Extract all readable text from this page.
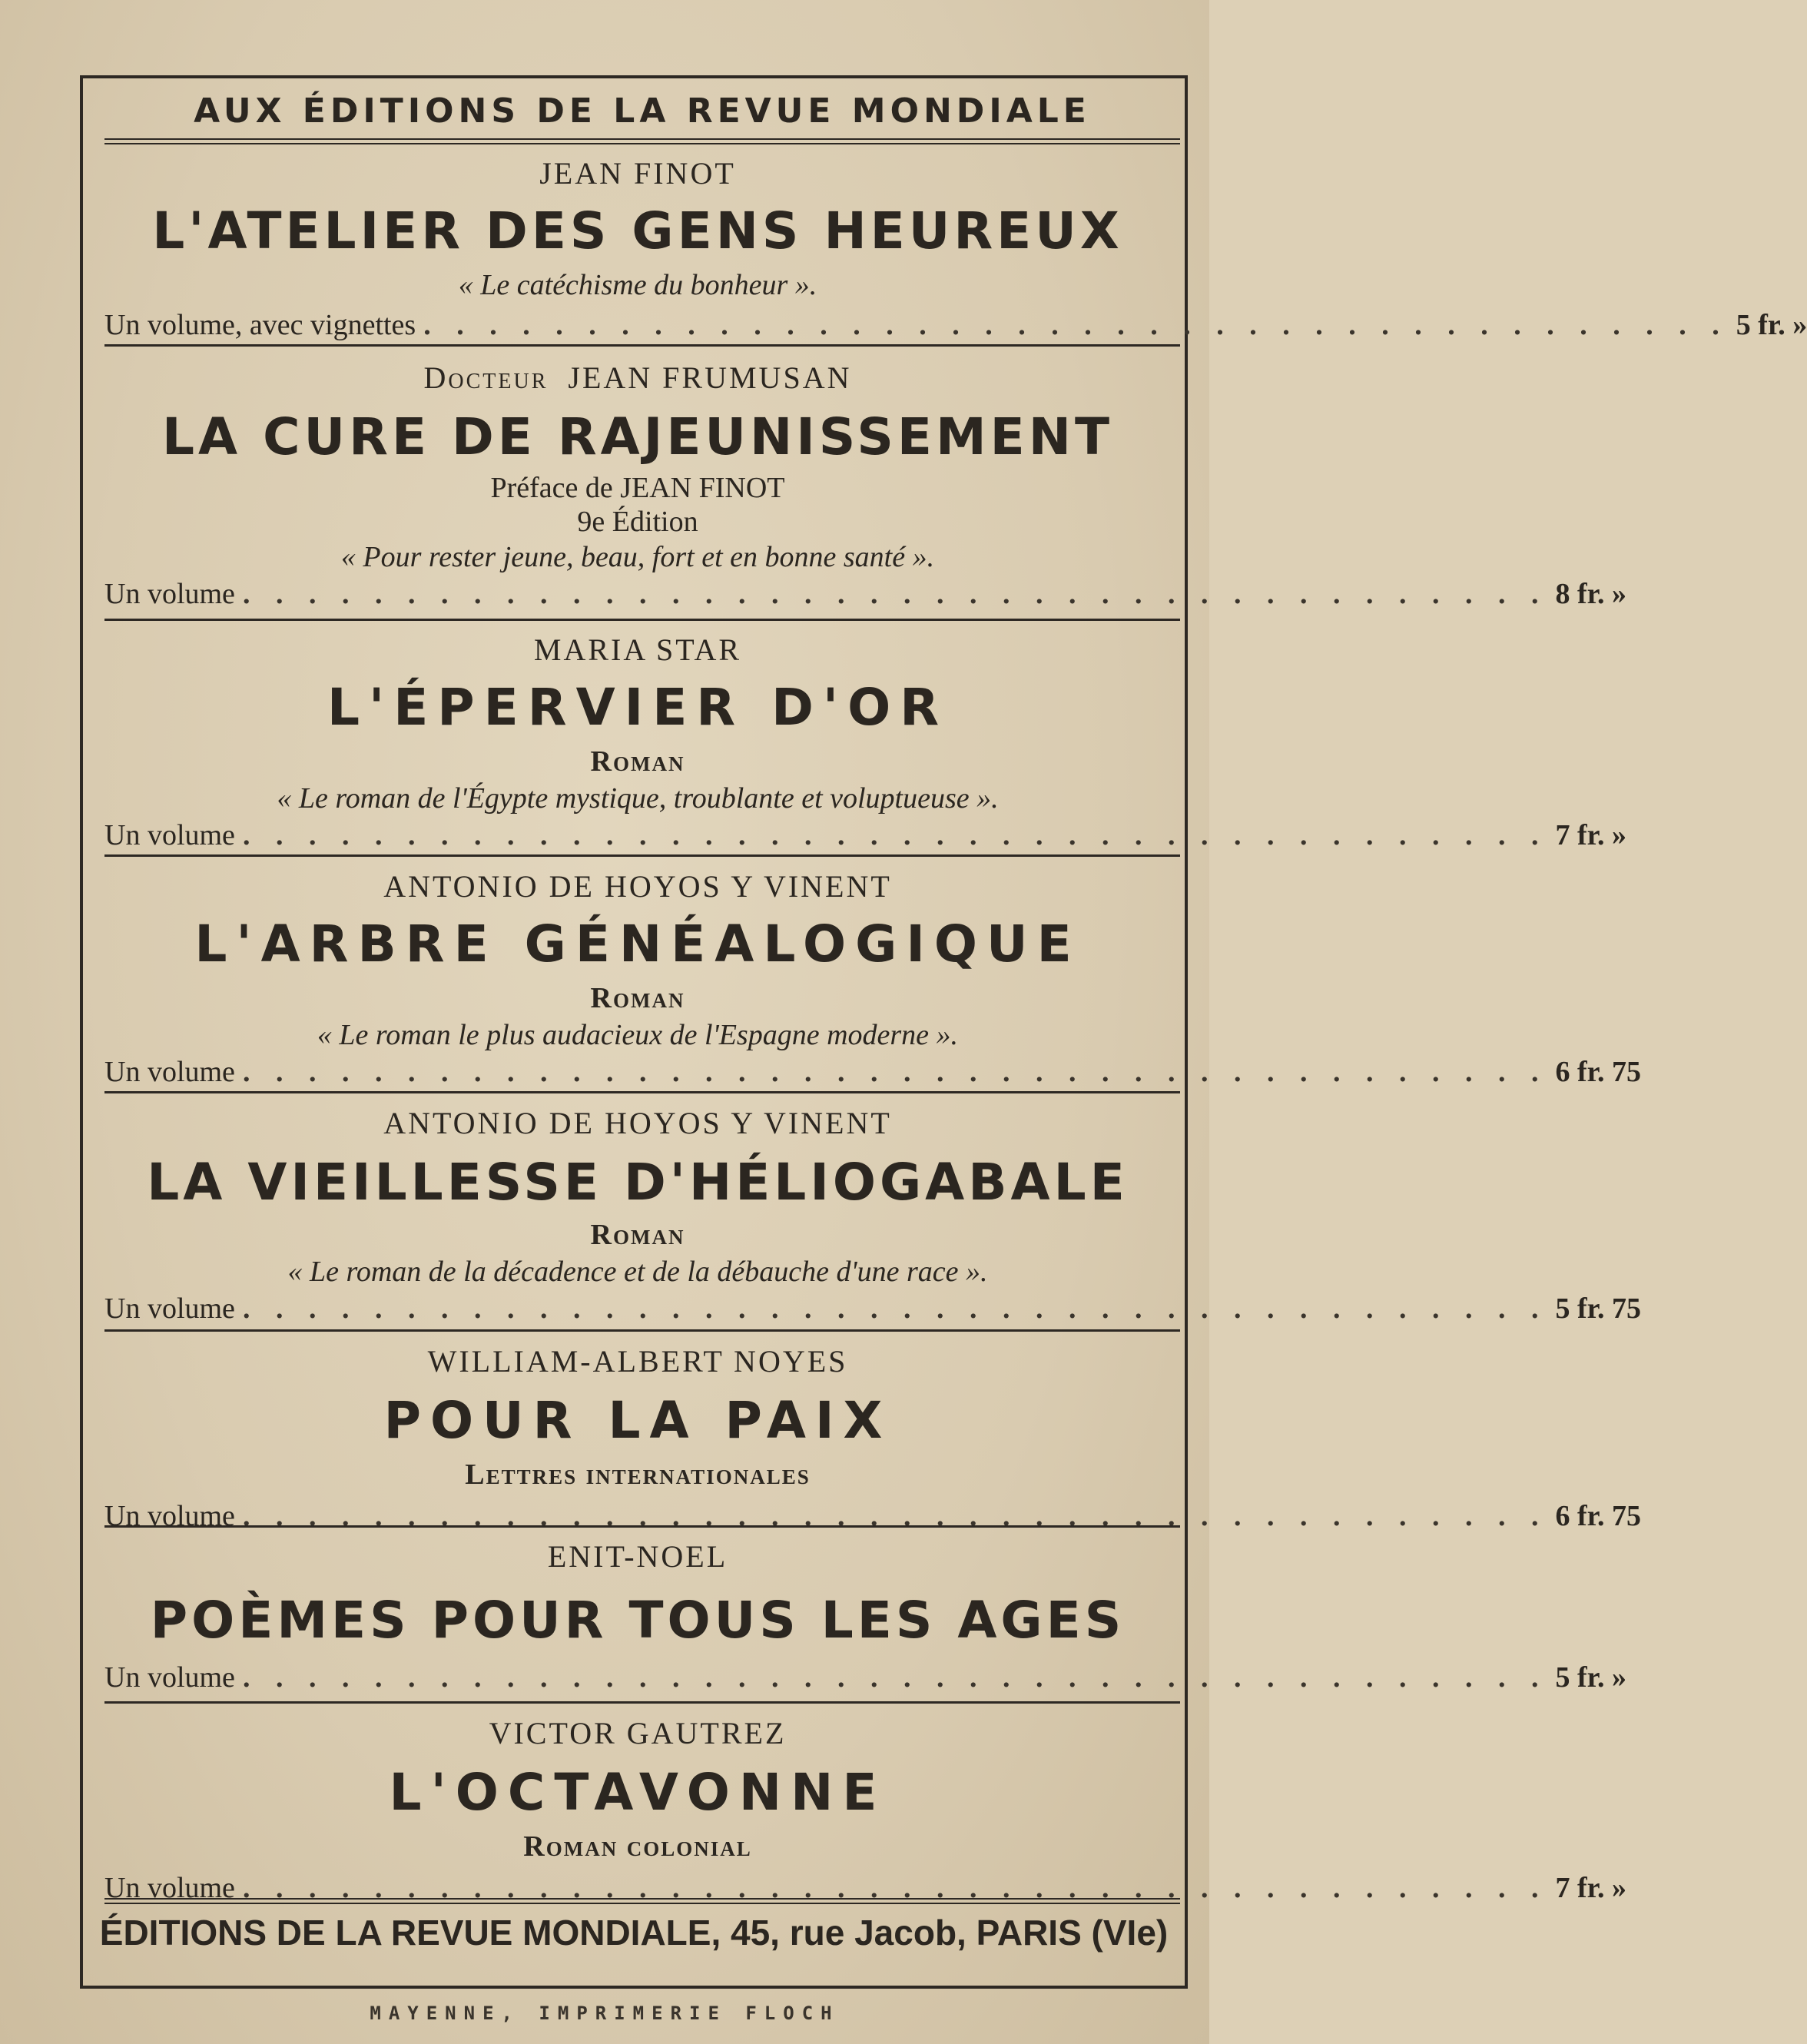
AUX ÉDITIONS DE LA REVUE MONDIALE
JEAN FINOT
L'ATELIER DES GENS HEUREUX
« Le catéchisme du bonheur ».
Un volume, avec vignettes . . . . . . . . . . . . . . . . . . . . . . . . . . . . . . . . . . . . . . . . 5 fr. »
Docteur JEAN FRUMUSAN
LA CURE DE RAJEUNISSEMENT
Préface de JEAN FINOT
9e Édition
« Pour rester jeune, beau, fort et en bonne santé ».
Un volume . . . . . . . . . . . . . . . . . . . . . . . . . . . . . . . . . . . . . . . . 8 fr. »
MARIA STAR
L'ÉPERVIER D'OR
Roman
« Le roman de l'Égypte mystique, troublante et voluptueuse ».
Un volume . . . . . . . . . . . . . . . . . . . . . . . . . . . . . . . . . . . . . . . . 7 fr. »
ANTONIO DE HOYOS Y VINENT
L'ARBRE GÉNÉALOGIQUE
Roman
« Le roman le plus audacieux de l'Espagne moderne ».
Un volume . . . . . . . . . . . . . . . . . . . . . . . . . . . . . . . . . . . . . . . . 6 fr. 75
ANTONIO DE HOYOS Y VINENT
LA VIEILLESSE D'HÉLIOGABALE
Roman
« Le roman de la décadence et de la débauche d'une race ».
Un volume . . . . . . . . . . . . . . . . . . . . . . . . . . . . . . . . . . . . . . . . 5 fr. 75
WILLIAM-ALBERT NOYES
POUR LA PAIX
Lettres internationales
Un volume . . . . . . . . . . . . . . . . . . . . . . . . . . . . . . . . . . . . . . . . 6 fr. 75
ENIT-NOEL
POÈMES POUR TOUS LES AGES
Un volume . . . . . . . . . . . . . . . . . . . . . . . . . . . . . . . . . . . . . . . . 5 fr. »
VICTOR GAUTREZ
L'OCTAVONNE
Roman colonial
Un volume . . . . . . . . . . . . . . . . . . . . . . . . . . . . . . . . . . . . . . . . 7 fr. »
ÉDITIONS DE LA REVUE MONDIALE, 45, rue Jacob, PARIS (VIe)
MAYENNE, IMPRIMERIE FLOCH
